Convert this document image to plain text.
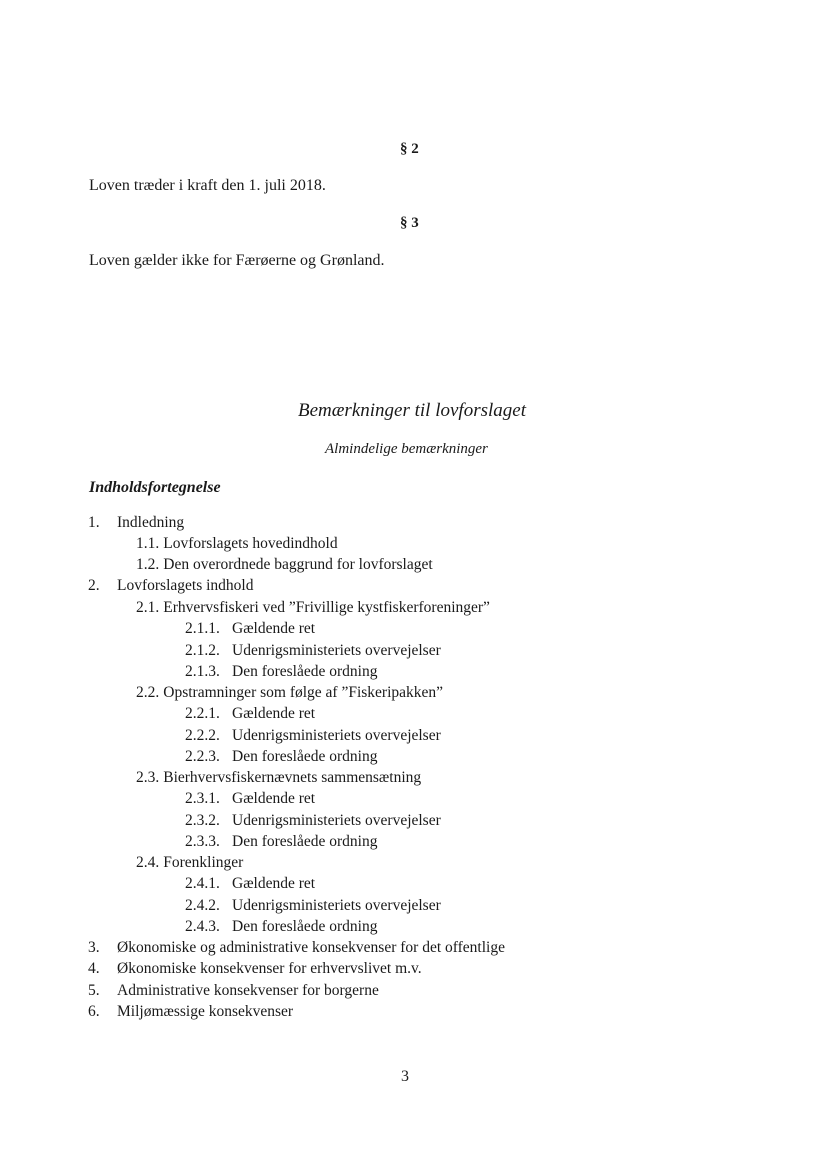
§ 2
Loven træder i kraft den 1. juli 2018.
§ 3
Loven gælder ikke for Færøerne og Grønland.
Bemærkninger til lovforslaget
Almindelige bemærkninger
Indholdsfortegnelse
1. Indledning
1.1. Lovforslagets hovedindhold
1.2. Den overordnede baggrund for lovforslaget
2. Lovforslagets indhold
2.1. Erhvervsfiskeri ved ”Frivillige kystfiskerforeninger”
2.1.1. Gældende ret
2.1.2. Udenrigsministeriets overvejelser
2.1.3. Den foreslåede ordning
2.2. Opstramninger som følge af ”Fiskeripakken”
2.2.1. Gældende ret
2.2.2. Udenrigsministeriets overvejelser
2.2.3. Den foreslåede ordning
2.3. Bierhvervsfiskernævnets sammensætning
2.3.1. Gældende ret
2.3.2. Udenrigsministeriets overvejelser
2.3.3. Den foreslåede ordning
2.4. Forenklinger
2.4.1. Gældende ret
2.4.2. Udenrigsministeriets overvejelser
2.4.3. Den foreslåede ordning
3. Økonomiske og administrative konsekvenser for det offentlige
4. Økonomiske konsekvenser for erhvervslivet m.v.
5. Administrative konsekvenser for borgerne
6. Miljømæssige konsekvenser
3
